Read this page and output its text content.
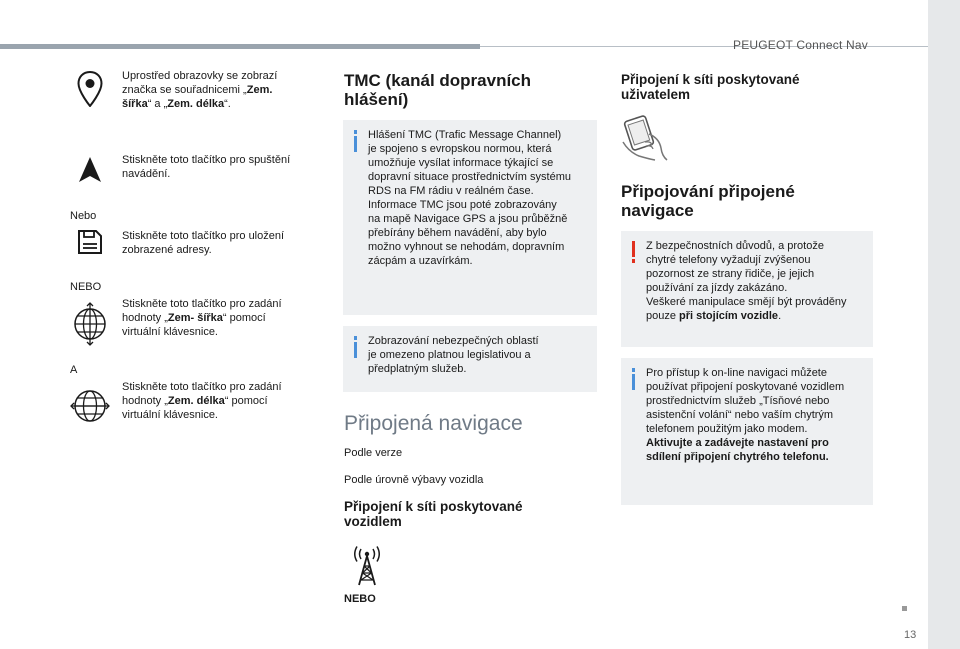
PEUGEOT Connect Nav
13
Uprostřed obrazovky se zobrazí
značka se souřadnicemi „Zem.
šířka“ a „Zem. délka“.
Stiskněte toto tlačítko pro spuštění
navádění.
Nebo
Stiskněte toto tlačítko pro uložení
zobrazené adresy.
NEBO
Stiskněte toto tlačítko pro zadání
hodnoty „Zem- šířka“ pomocí
virtuální klávesnice.
A
Stiskněte toto tlačítko pro zadání
hodnoty „Zem. délka“ pomocí
virtuální klávesnice.
TMC (kanál dopravních
hlášení)
Hlášení TMC (Trafic Message Channel)
je spojeno s evropskou normou, která
umožňuje vysílat informace týkající se
dopravní situace prostřednictvím systému
RDS na FM rádiu v reálném čase.
Informace TMC jsou poté zobrazovány
na mapě Navigace GPS a jsou průběžně
přebírány během navádění, aby bylo
možno vyhnout se nehodám, dopravním
zácpám a uzavírkám.
Zobrazování nebezpečných oblastí
je omezeno platnou legislativou a
předplatným služeb.
Připojená navigace
Podle verze
Podle úrovně výbavy vozidla
Připojení k síti poskytované
vozidlem
NEBO
Připojení k síti poskytované
uživatelem
Připojování připojené
navigace
Z bezpečnostních důvodů, a protože
chytré telefony vyžadují zvýšenou
pozornost ze strany řidiče, je jejich
používání za jízdy zakázáno.
Veškeré manipulace smějí být prováděny
pouze při stojícím vozidle.
Pro přístup k on-line navigaci můžete
používat připojení poskytované vozidlem
prostřednictvím služeb „Tísňové nebo
asistenční volání“ nebo vaším chytrým
telefonem použitým jako modem.
Aktivujte a zadávejte nastavení pro
sdílení připojení chytrého telefonu.
